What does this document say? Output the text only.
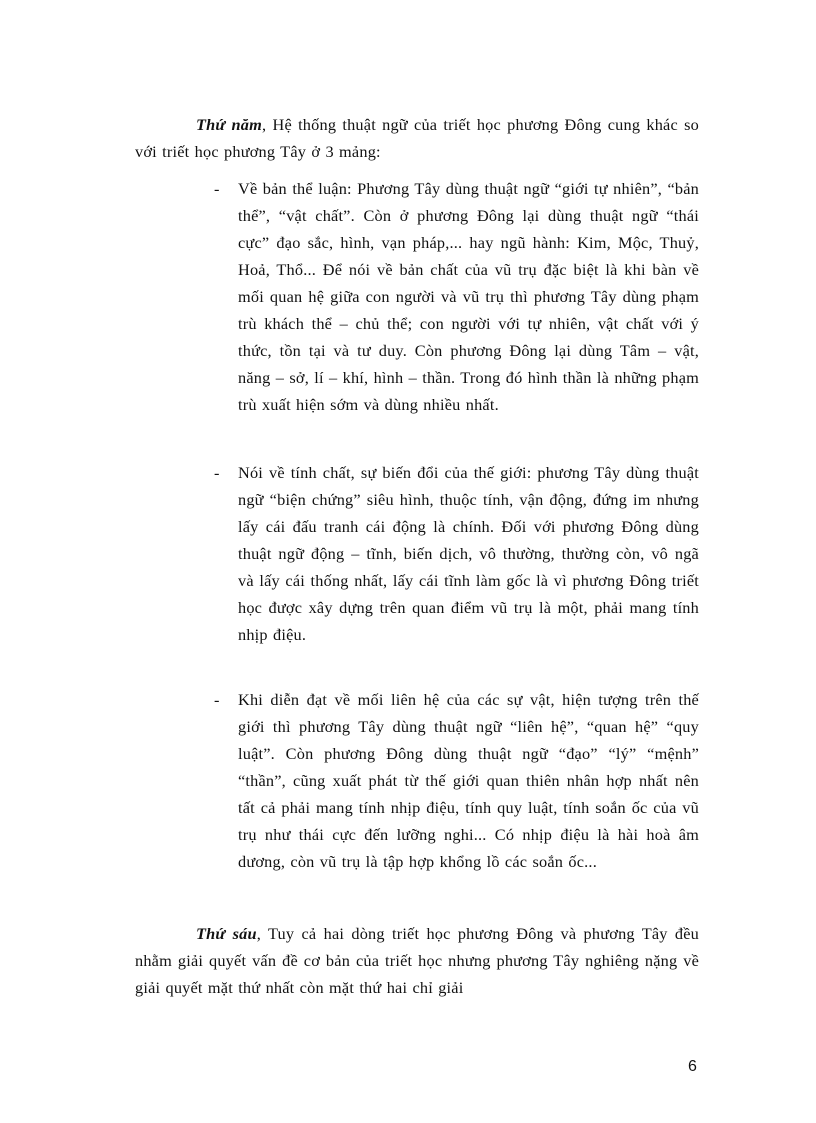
Thứ năm, Hệ thống thuật ngữ của triết học phương Đông cung khác so với triết học phương Tây ở 3 mảng:

- Về bản thể luận: Phương Tây dùng thuật ngữ “giới tự nhiên”, “bản thể”, “vật chất”. Còn ở phương Đông lại dùng thuật ngữ “thái cực” đạo sắc, hình, vạn pháp,... hay ngũ hành: Kim, Mộc, Thuỷ, Hoả, Thổ... Để nói về bản chất của vũ trụ đặc biệt là khi bàn về mối quan hệ giữa con người và vũ trụ thì phương Tây dùng phạm trù khách thể – chủ thể; con người với tự nhiên, vật chất với ý thức, tồn tại và tư duy. Còn phương Đông lại dùng Tâm – vật, năng – sở, lí – khí, hình – thần. Trong đó hình thần là những phạm trù xuất hiện sớm và dùng nhiều nhất.

- Nói về tính chất, sự biến đổi của thế giới: phương Tây dùng thuật ngữ “biện chứng” siêu hình, thuộc tính, vận động, đứng im nhưng lấy cái đấu tranh cái động là chính. Đối với phương Đông dùng thuật ngữ động – tĩnh, biến dịch, vô thường, thường còn, vô ngã và lấy cái thống nhất, lấy cái tĩnh làm gốc là vì phương Đông triết học được xây dựng trên quan điểm vũ trụ là một, phải mang tính nhịp điệu.

- Khi diễn đạt về mối liên hệ của các sự vật, hiện tượng trên thế giới thì phương Tây dùng thuật ngữ “liên hệ”, “quan hệ” “quy luật”. Còn phương Đông dùng thuật ngữ “đạo” “lý” “mệnh” “thần”, cũng xuất phát từ thế giới quan thiên nhân hợp nhất nên tất cả phải mang tính nhịp điệu, tính quy luật, tính soắn ốc của vũ trụ như thái cực đến lưỡng nghi... Có nhịp điệu là hài hoà âm dương, còn vũ trụ là tập hợp khổng lồ các soắn ốc...

Thứ sáu, Tuy cả hai dòng triết học phương Đông và phương Tây đều nhằm giải quyết vấn đề cơ bản của triết học nhưng phương Tây nghiêng nặng về giải quyết mặt thứ nhất còn mặt thứ hai chỉ giải

6
